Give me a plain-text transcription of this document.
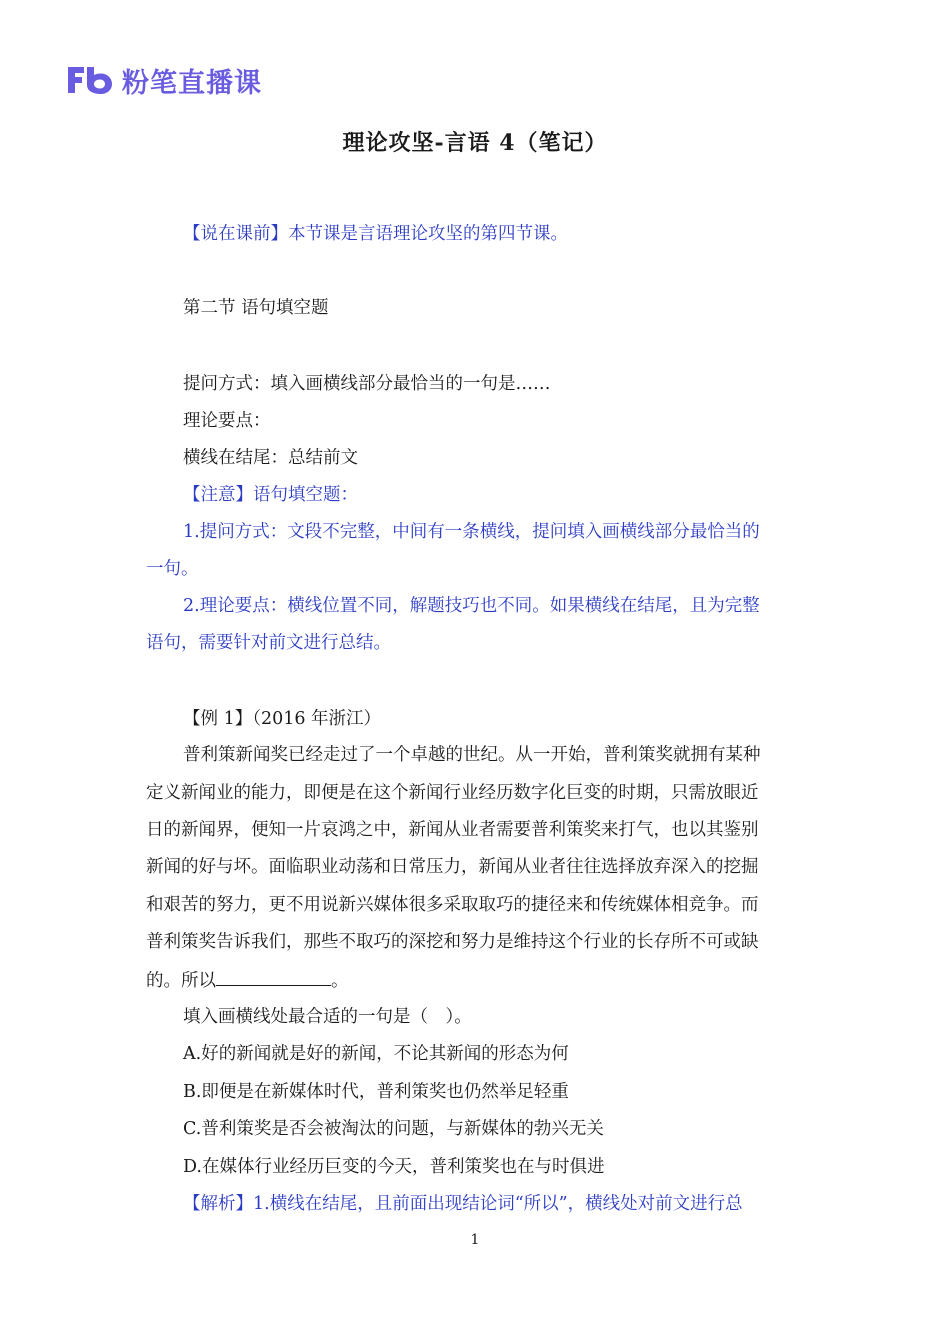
粉笔直播课
理论攻坚-言语 4（笔记）
【说在课前】本节课是言语理论攻坚的第四节课。
第二节 语句填空题
提问方式：填入画横线部分最恰当的一句是……
理论要点：
横线在结尾：总结前文
【注意】语句填空题：
1.提问方式：文段不完整，中间有一条横线，提问填入画横线部分最恰当的
一句。
2.理论要点：横线位置不同，解题技巧也不同。如果横线在结尾，且为完整
语句，需要针对前文进行总结。
【例 1】（2016 年浙江）
普利策新闻奖已经走过了一个卓越的世纪。从一开始，普利策奖就拥有某种
定义新闻业的能力，即便是在这个新闻行业经历数字化巨变的时期，只需放眼近
日的新闻界，便知一片哀鸿之中，新闻从业者需要普利策奖来打气，也以其鉴别
新闻的好与坏。面临职业动荡和日常压力，新闻从业者往往选择放弃深入的挖掘
和艰苦的努力，更不用说新兴媒体很多采取取巧的捷径来和传统媒体相竞争。而
普利策奖告诉我们，那些不取巧的深挖和努力是维持这个行业的长存所不可或缺
的。所以	。
填入画横线处最合适的一句是（　）。
A.好的新闻就是好的新闻，不论其新闻的形态为何
B.即便是在新媒体时代，普利策奖也仍然举足轻重
C.普利策奖是否会被淘汰的问题，与新媒体的勃兴无关
D.在媒体行业经历巨变的今天，普利策奖也在与时俱进
【解析】1.横线在结尾，且前面出现结论词“所以”，横线处对前文进行总
1
